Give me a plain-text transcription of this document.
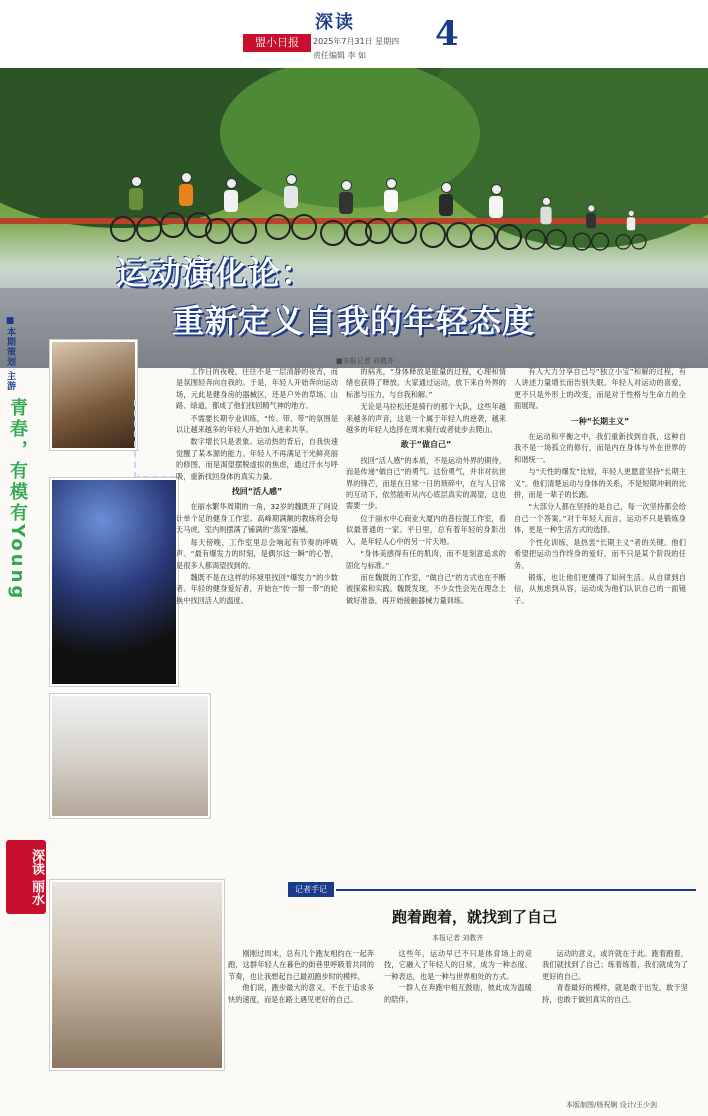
深读
盟小日报	2025年7月31日 星期四
责任编辑 李 如
4
运动演化论：
重新定义自我的年轻态度
■本期策划 主游
青春，有模有Young
深读 丽水
■本报记者 刘教齐

工作日的夜晚，往往不是一层清静的夜宵，而是氛围轻奔向自我的。于是，年轻人开始奔向运动场，元此是健身房的器械区，还是户外的草场、山路、绿道，都成了他们找回精气神的地方。

不需要长期专业训练，“传、带、带”的氛围是以让越来越多的年轻人开始加入进来共享。

数字增长只是表象。运动热的背后，自我快速觉醒了某本源的能力。年轻人不再满足于光鲜亮丽的修图，而是渴望摆脱虚拟的焦虑，通过汗水与呼吸，重新找回身体的真实力量。

找回“活人感”

在丽水繁华周期的一角，32岁的魏既开了间设计单个足的健身工作室。高峰期满额的教练将会每天马虎，室内则摆满了铺满的“蒸笼”器械。

每天傍晚，工作室里总会响起有节奏的呼吸声。“最有爆发力的时刻，是偶尔这一瞬”的心智，是很多人都渴望找到的。

魏既不是在这样的环境里找回“爆发力”的少数者。年轻的健身爱好者，开始在“传一帮一带”的轮换中找回活人的温度。

的病兆，“身体释放是能量的过程，心理和情绪也获得了释放。大家通过运动，放下来自外界的标准与压力，与自我和解。”

无论是马拉松还是骑行的那个大队，这些年越来越多的声音，这是一个属于年轻人的逆袭，越来越多的年轻人选择在周末骑行或者徒步去爬山。

敢于“做自己”

找回“活人感”的本质，不是运动外界的期待，而是传递“做自己”的勇气。这份勇气，并非对抗世界的锋芒，而是在日常一日的琐碎中，在与人日常的互动下，依然能听从内心底层真实的渴望，这也需要一步。

位于丽水中心商业大厦内的普拉提工作室，看似最普通的一家。平日里，总有着年轻的身影出入，是年轻人心中的另一片天地。

“身体美感得有任的肌肉，而不是刻意追求的固化与标准。”

而在魏既的工作室，“做自己”的方式也在不断被探索和实践。魏既发现，不少女性会先在理念上做好准备，再开始接触器械力量训练。

有人大力分享自己与“独立小宝”和解的过程，有人讲述力量增长而告别失眠。年轻人对运动的喜爱，更不只是外形上的改变，而是对于性格与生命力的全面展现。

一种“长期主义”

在运动和平衡之中，我们重新找到自我，这种自我不是一场孤立的修行，而是内在身体与外在世界的和谐统一。

与“天性的爆发”比较，年轻人更愿意坚持“长期主义”。他们清楚运动与身体的关系，不是短期冲刺的比拼，而是一辈子的长跑。

“大部分人都在坚持的是自己，每一次坚持都会给自己一个答案。”对于年轻人而言，运动不只是锻炼身体，更是一种生活方式的选择。

个性化训练，是热衷“长期主义”者的关键。他们希望把运动当作终身的爱好，而不只是某个阶段的任务。

锻炼，也让他们更懂得了如何生活。从自律到自信，从焦虑到从容，运动成为他们认识自己的一面镜子。

记者手记
跑着跑着，就找到了自己
本报记者 刘教齐

刚刚过周末，总有几个跑友相约在一起奔跑，这群年轻人在暮色的街巷里呼吸着共同的节奏，也让我想起自己最初跑步时的模样。

他们说，跑步最大的意义，不在于追求多快的速度，而是在路上遇见更好的自己。

这些年，运动早已不只是体育场上的竞技，它融入了年轻人的日常，成为一种态度、一种表达，也是一种与世界相处的方式。

一群人在奔跑中相互鼓励，彼此成为温暖的陪伴。

运动的意义，或许就在于此。跑着跑着，我们就找到了自己；练着练着，我们就成为了更好的自己。

青春最好的模样，就是敢于出发，敢于坚持，也敢于做回真实的自己。

本版制图/杨祝娴 设计/王少剑
